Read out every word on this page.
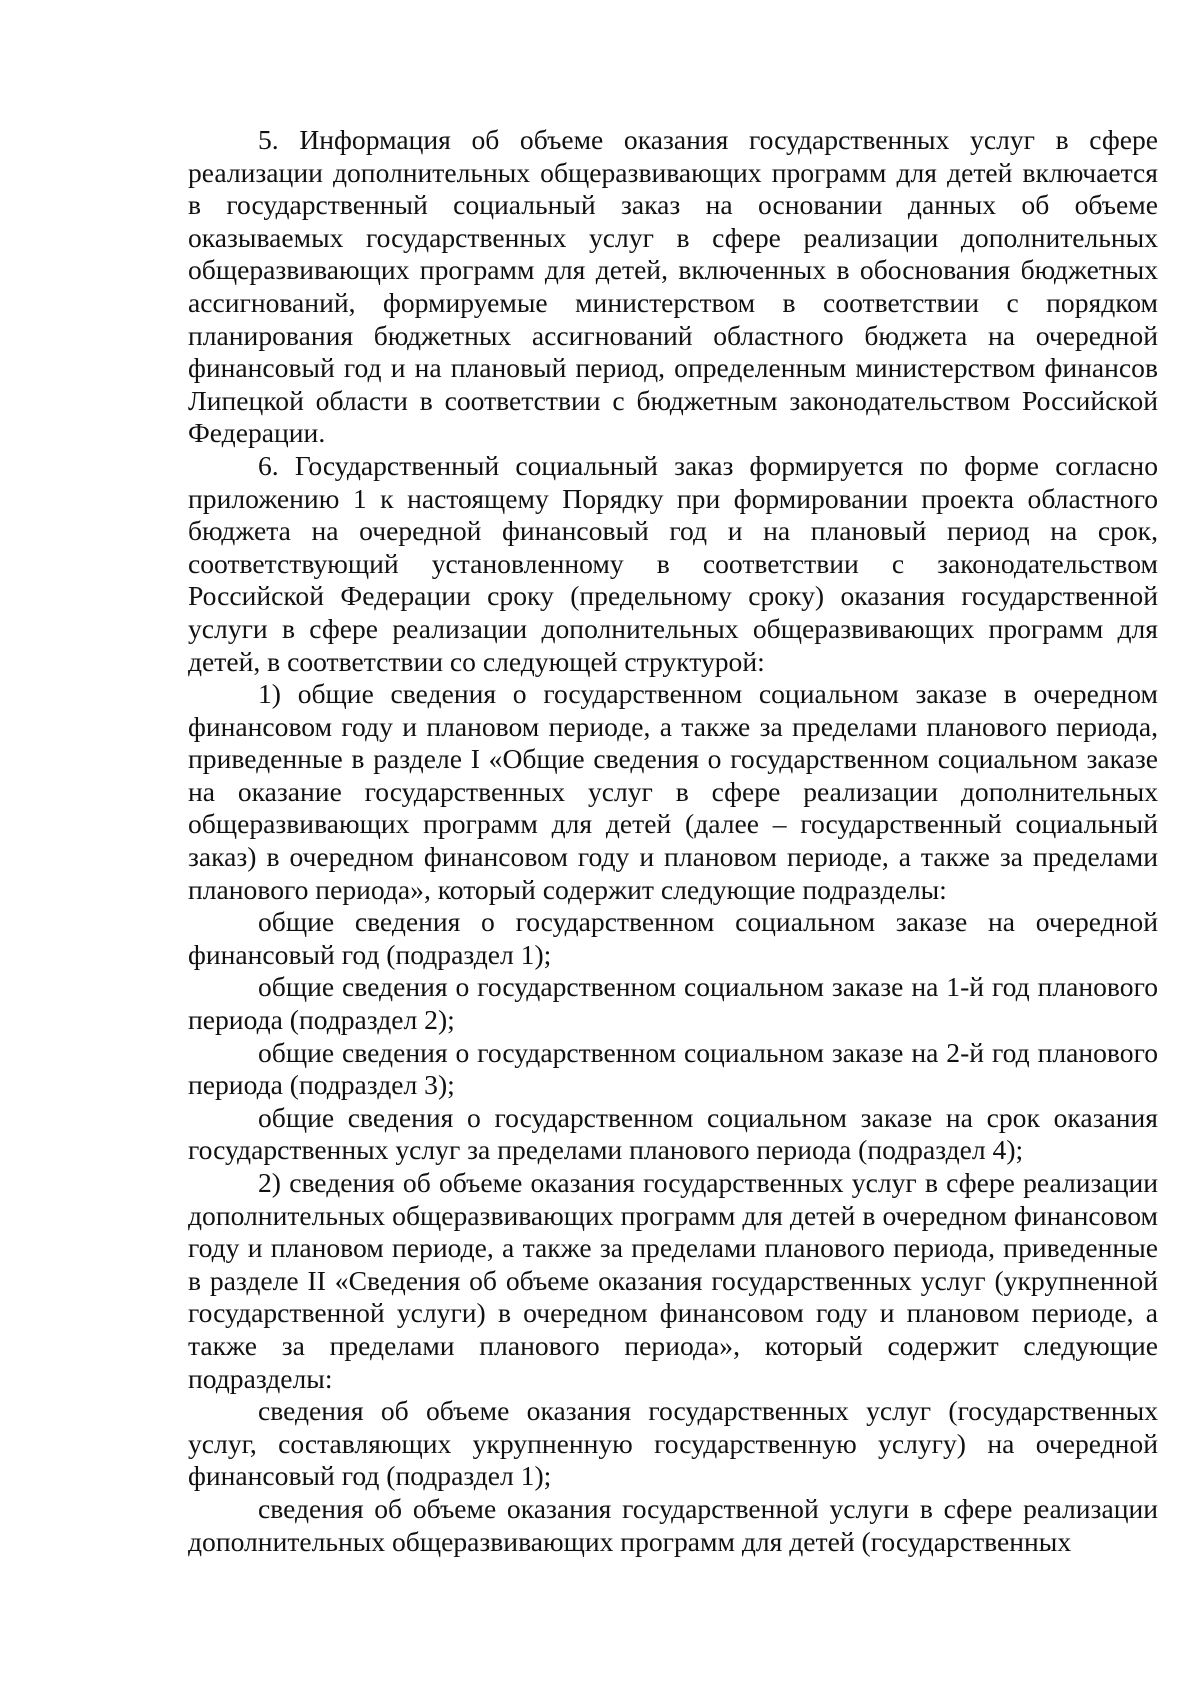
5. Информация об объеме оказания государственных услуг в сфере реализации дополнительных общеразвивающих программ для детей включается в государственный социальный заказ на основании данных об объеме оказываемых государственных услуг в сфере реализации дополнительных общеразвивающих программ для детей, включенных в обоснования бюджетных ассигнований, формируемые министерством в соответствии с порядком планирования бюджетных ассигнований областного бюджета на очередной финансовый год и на плановый период, определенным министерством финансов Липецкой области в соответствии с бюджетным законодательством Российской Федерации.

6. Государственный социальный заказ формируется по форме согласно приложению 1 к настоящему Порядку при формировании проекта областного бюджета на очередной финансовый год и на плановый период на срок, соответствующий установленному в соответствии с законодательством Российской Федерации сроку (предельному сроку) оказания государственной услуги в сфере реализации дополнительных общеразвивающих программ для детей, в соответствии со следующей структурой:

1) общие сведения о государственном социальном заказе в очередном финансовом году и плановом периоде, а также за пределами планового периода, приведенные в разделе I «Общие сведения о государственном социальном заказе на оказание государственных услуг в сфере реализации дополнительных общеразвивающих программ для детей (далее – государственный социальный заказ) в очередном финансовом году и плановом периоде, а также за пределами планового периода», который содержит следующие подразделы:

общие сведения о государственном социальном заказе на очередной финансовый год (подраздел 1);

общие сведения о государственном социальном заказе на 1-й год планового периода (подраздел 2);

общие сведения о государственном социальном заказе на 2-й год планового периода (подраздел 3);

общие сведения о государственном социальном заказе на срок оказания государственных услуг за пределами планового периода (подраздел 4);

2) сведения об объеме оказания государственных услуг в сфере реализации дополнительных общеразвивающих программ для детей в очередном финансовом году и плановом периоде, а также за пределами планового периода, приведенные в разделе II «Сведения об объеме оказания государственных услуг (укрупненной государственной услуги) в очередном финансовом году и плановом периоде, а также за пределами планового периода», который содержит следующие подразделы:

сведения об объеме оказания государственных услуг (государственных услуг, составляющих укрупненную государственную услугу) на очередной финансовый год (подраздел 1);

сведения об объеме оказания государственной услуги в сфере реализации дополнительных общеразвивающих программ для детей (государственных
